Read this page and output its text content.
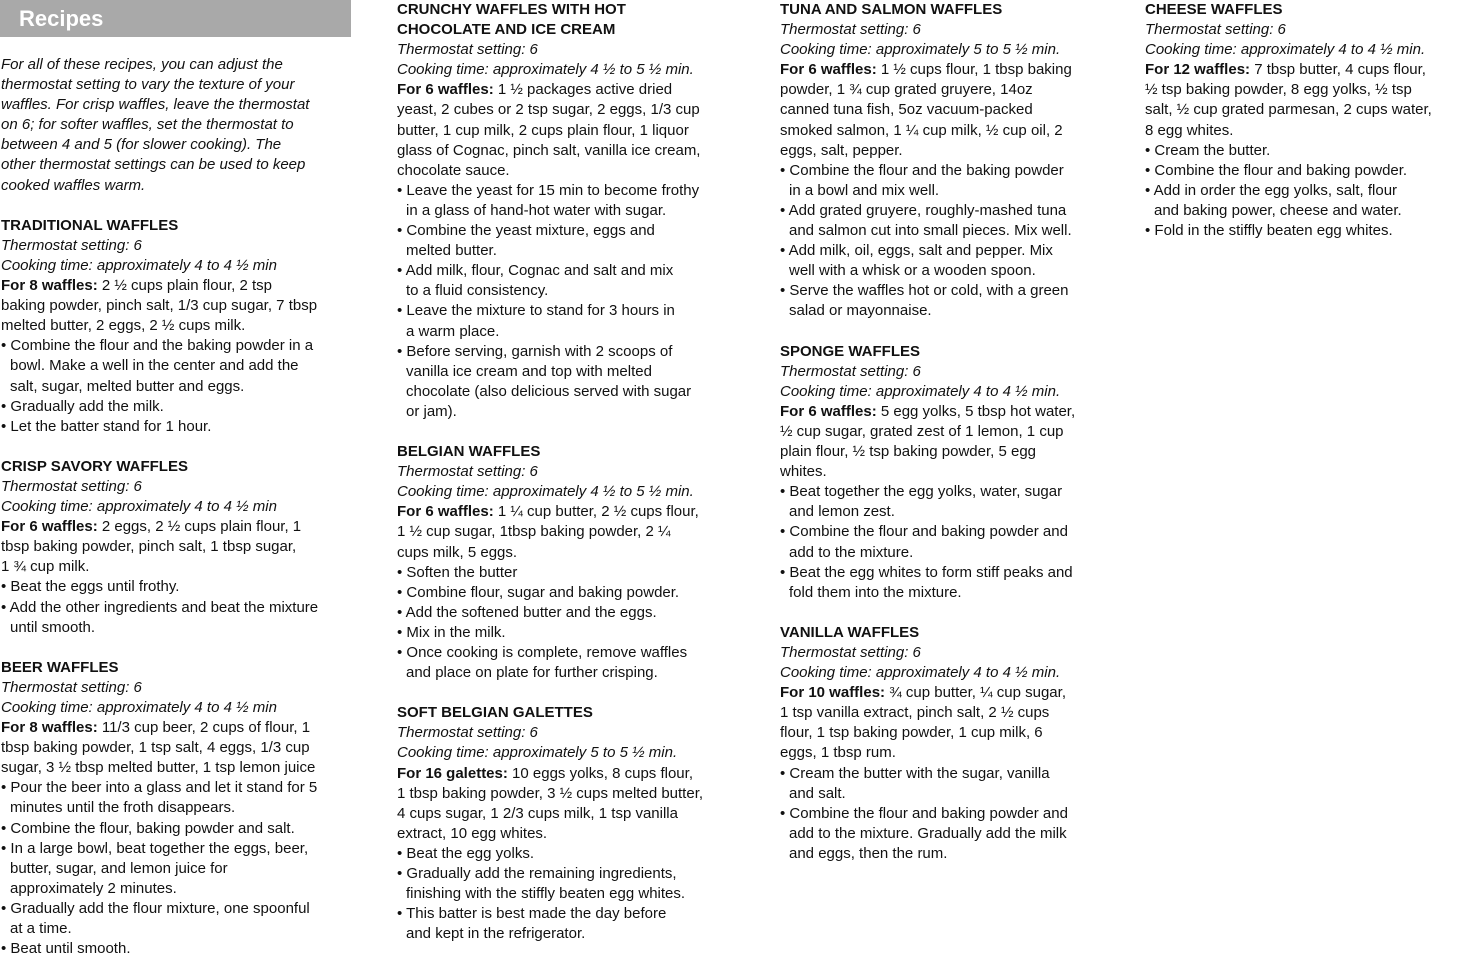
Recipes
For all of these recipes, you can adjust the
thermostat setting to vary the texture of your
waffles. For crisp waffles, leave the thermostat
on 6; for softer waffles, set the thermostat to
between 4 and 5 (for slower cooking). The
other thermostat settings can be used to keep
cooked waffles warm.
TRADITIONAL WAFFLES
Thermostat setting: 6
Cooking time: approximately 4 to 4 ½ min
For 8 waffles: 2 ½ cups plain flour, 2 tsp
baking powder, pinch salt, 1/3 cup sugar, 7 tbsp
melted butter, 2 eggs, 2 ½ cups milk.
• Combine the flour and the baking powder in a
bowl. Make a well in the center and add the
salt, sugar, melted butter and eggs.
• Gradually add the milk.
• Let the batter stand for 1 hour.
CRISP SAVORY WAFFLES
Thermostat setting: 6
Cooking time: approximately 4 to 4 ½ min
For 6 waffles: 2 eggs, 2 ½ cups plain flour, 1
tbsp baking powder, pinch salt, 1 tbsp sugar,
1 ¾ cup milk.
• Beat the eggs until frothy.
• Add the other ingredients and beat the mixture
until smooth.
BEER WAFFLES
Thermostat setting: 6
Cooking time: approximately 4 to 4 ½ min
For 8 waffles: 11/3 cup beer, 2 cups of flour, 1
tbsp baking powder, 1 tsp salt, 4 eggs, 1/3 cup
sugar, 3 ½ tbsp melted butter, 1 tsp lemon juice
• Pour the beer into a glass and let it stand for 5
minutes until the froth disappears.
• Combine the flour, baking powder and salt.
• In a large bowl, beat together the eggs, beer,
butter, sugar, and lemon juice for
approximately 2 minutes.
• Gradually add the flour mixture, one spoonful
at a time.
• Beat until smooth.
CRUNCHY WAFFLES WITH HOT
CHOCOLATE AND ICE CREAM
Thermostat setting: 6
Cooking time: approximately 4 ½ to 5 ½ min.
For 6 waffles: 1 ½ packages active dried
yeast, 2 cubes or 2 tsp sugar, 2 eggs, 1/3 cup
butter, 1 cup milk, 2 cups plain flour, 1 liquor
glass of Cognac, pinch salt, vanilla ice cream,
chocolate sauce.
• Leave the yeast for 15 min to become frothy
in a glass of hand-hot water with sugar.
• Combine the yeast mixture, eggs and
melted butter.
• Add milk, flour, Cognac and salt and mix
to a fluid consistency.
• Leave the mixture to stand for 3 hours in
a warm place.
• Before serving, garnish with 2 scoops of
vanilla ice cream and top with melted
chocolate (also delicious served with sugar
or jam).
BELGIAN WAFFLES
Thermostat setting: 6
Cooking time: approximately 4 ½ to 5 ½ min.
For 6 waffles: 1 ¼ cup butter, 2 ½ cups flour,
1 ½ cup sugar, 1tbsp baking powder, 2 ¼
cups milk, 5 eggs.
• Soften the butter
• Combine flour, sugar and baking powder.
• Add the softened butter and the eggs.
• Mix in the milk.
• Once cooking is complete, remove waffles
and place on plate for further crisping.
SOFT BELGIAN GALETTES
Thermostat setting: 6
Cooking time: approximately 5 to 5 ½ min.
For 16 galettes: 10 eggs yolks, 8 cups flour,
1 tbsp baking powder, 3 ½ cups melted butter,
4 cups sugar, 1 2/3 cups milk, 1 tsp vanilla
extract, 10 egg whites.
• Beat the egg yolks.
• Gradually add the remaining ingredients,
finishing with the stiffly beaten egg whites.
• This batter is best made the day before
and kept in the refrigerator.
TUNA AND SALMON WAFFLES
Thermostat setting: 6
Cooking time: approximately 5 to 5 ½ min.
For 6 waffles: 1 ½ cups flour, 1 tbsp baking
powder, 1 ¾ cup grated gruyere, 14oz
canned tuna fish, 5oz vacuum-packed
smoked salmon, 1 ¼ cup milk, ½ cup oil, 2
eggs, salt, pepper.
• Combine the flour and the baking powder
in a bowl and mix well.
• Add grated gruyere, roughly-mashed tuna
and salmon cut into small pieces. Mix well.
• Add milk, oil, eggs, salt and pepper. Mix
well with a whisk or a wooden spoon.
• Serve the waffles hot or cold, with a green
salad or mayonnaise.
SPONGE WAFFLES
Thermostat setting: 6
Cooking time: approximately 4 to 4 ½ min.
For 6 waffles: 5 egg yolks, 5 tbsp hot water,
½ cup sugar, grated zest of 1 lemon, 1 cup
plain flour, ½ tsp baking powder, 5 egg
whites.
• Beat together the egg yolks, water, sugar
and lemon zest.
• Combine the flour and baking powder and
add to the mixture.
• Beat the egg whites to form stiff peaks and
fold them into the mixture.
VANILLA WAFFLES
Thermostat setting: 6
Cooking time: approximately 4 to 4 ½ min.
For 10 waffles: ¾ cup butter, ¼ cup sugar,
1 tsp vanilla extract, pinch salt, 2 ½ cups
flour, 1 tsp baking powder, 1 cup milk, 6
eggs, 1 tbsp rum.
• Cream the butter with the sugar, vanilla
and salt.
• Combine the flour and baking powder and
add to the mixture. Gradually add the milk
and eggs, then the rum.
CHEESE WAFFLES
Thermostat setting: 6
Cooking time: approximately 4 to 4 ½ min.
For 12 waffles: 7 tbsp butter, 4 cups flour,
½ tsp baking powder, 8 egg yolks, ½ tsp
salt, ½ cup grated parmesan, 2 cups water,
8 egg whites.
• Cream the butter.
• Combine the flour and baking powder.
• Add in order the egg yolks, salt, flour
and baking power, cheese and water.
• Fold in the stiffly beaten egg whites.
